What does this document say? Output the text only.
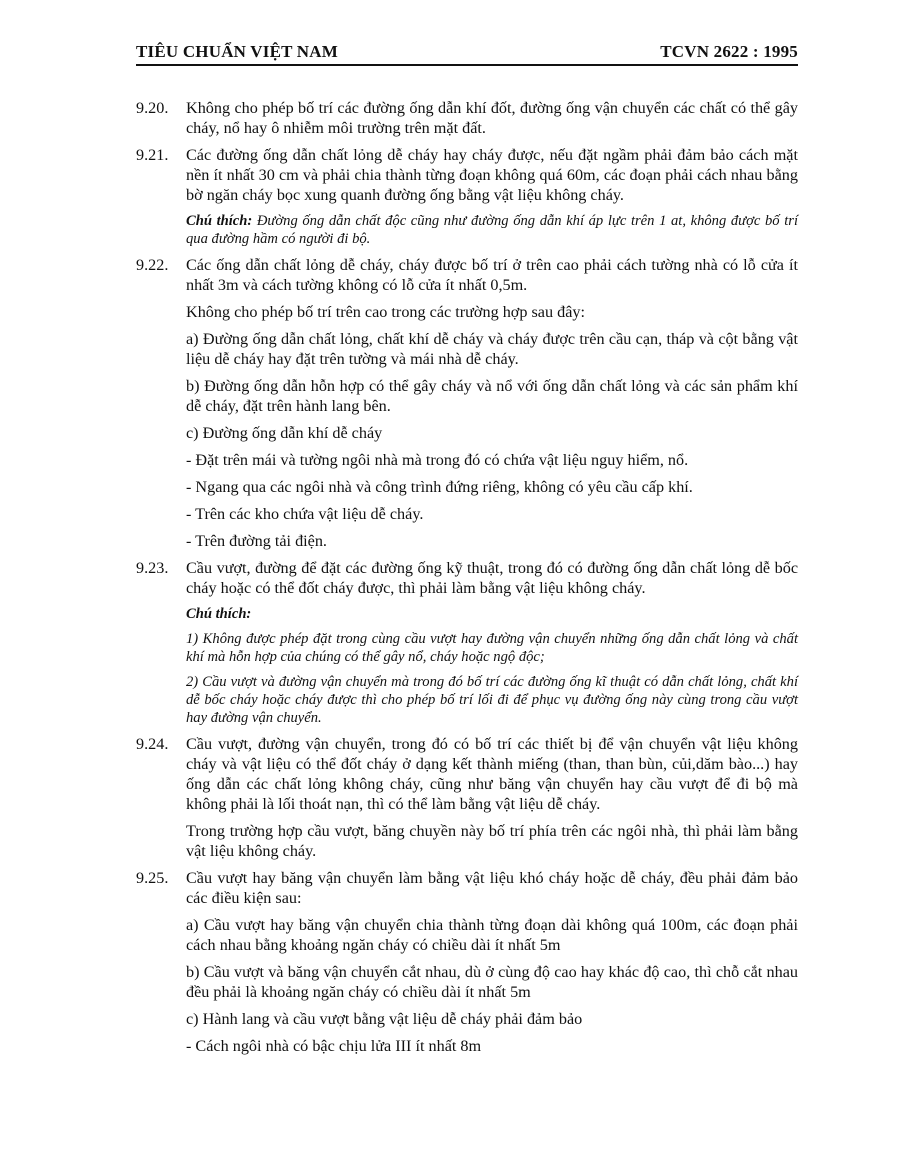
TIÊU CHUẨN VIỆT NAM	TCVN 2622 : 1995
9.20. Không cho phép bố trí các đường ống dẫn khí đốt, đường ống vận chuyển các chất có thể gây cháy, nổ hay ô nhiễm môi trường trên mặt đất.
9.21. Các đường ống dẫn chất lỏng dễ cháy hay cháy được, nếu đặt ngầm phải đảm bảo cách mặt nền ít nhất 30 cm và phải chia thành từng đoạn không quá 60m, các đoạn phải cách nhau bằng bờ ngăn cháy bọc xung quanh đường ống bằng vật liệu không cháy.
Chú thích: Đường ống dẫn chất độc cũng như đường ống dẫn khí áp lực trên 1 at, không được bố trí qua đường hầm có người đi bộ.
9.22. Các ống dẫn chất lỏng dễ cháy, cháy được bố trí ở trên cao phải cách tường nhà có lỗ cửa ít nhất 3m và cách tường không có lỗ cửa ít nhất 0,5m.
Không cho phép bố trí trên cao trong các trường hợp sau đây:
a) Đường ống dẫn chất lỏng, chất khí dễ cháy và cháy được trên cầu cạn, tháp và cột bằng vật liệu dễ cháy hay đặt trên tường và mái nhà dễ cháy.
b) Đường ống dẫn hỗn hợp có thể gây cháy và nổ với ống dẫn chất lỏng và các sản phẩm khí dễ cháy, đặt trên hành lang bên.
c) Đường ống dẫn khí dễ cháy
- Đặt trên mái và tường ngôi nhà mà trong đó có chứa vật liệu nguy hiểm, nổ.
- Ngang qua các ngôi nhà và công trình đứng riêng, không có yêu cầu cấp khí.
- Trên các kho chứa vật liệu dễ cháy.
- Trên đường tải điện.
9.23. Cầu vượt, đường để đặt các đường ống kỹ thuật, trong đó có đường ống dẫn chất lỏng dễ bốc cháy hoặc có thể đốt cháy được, thì phải làm bằng vật liệu không cháy.
Chú thích:
1) Không được phép đặt trong cùng cầu vượt hay đường vận chuyển những ống dẫn chất lỏng và chất khí mà hỗn hợp của chúng có thể gây nổ, cháy hoặc ngộ độc;
2) Cầu vượt và đường vận chuyển mà trong đó bố trí các đường ống kĩ thuật có dẫn chất lỏng, chất khí dễ bốc cháy hoặc cháy được thì cho phép bố trí lối đi để phục vụ đường ống này cùng trong cầu vượt hay đường vận chuyển.
9.24. Cầu vượt, đường vận chuyển, trong đó có bố trí các thiết bị để vận chuyển vật liệu không cháy và vật liệu có thể đốt cháy ở dạng kết thành miếng (than, than bùn, củi,dăm bào...) hay ống dẫn các chất lỏng không cháy, cũng như băng vận chuyển hay cầu vượt để đi bộ mà không phải là lối thoát nạn, thì có thể làm bằng vật liệu dễ cháy.
Trong trường hợp cầu vượt, băng chuyền này bố trí phía trên các ngôi nhà, thì phải làm bằng vật liệu không cháy.
9.25. Cầu vượt hay băng vận chuyển làm bằng vật liệu khó cháy hoặc dễ cháy, đều phải đảm bảo các điều kiện sau:
a) Cầu vượt hay băng vận chuyển chia thành từng đoạn dài không quá 100m, các đoạn phải cách nhau bằng khoảng ngăn cháy có chiều dài ít nhất 5m
b) Cầu vượt và băng vận chuyển cắt nhau, dù ở cùng độ cao hay khác độ cao, thì chỗ cắt nhau đều phải là khoảng ngăn cháy có chiều dài ít nhất 5m
c) Hành lang và cầu vượt bằng vật liệu dễ cháy phải đảm bảo
- Cách ngôi nhà có bậc chịu lửa III ít nhất 8m
